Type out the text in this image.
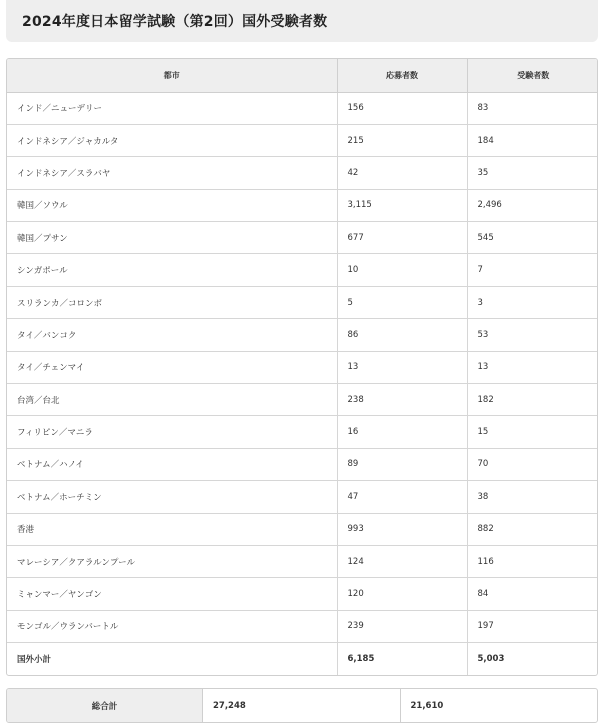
2024年度日本留学試験（第2回）国外受験者数
都市	応募者数	受験者数
インド／ニューデリー	156	83
インドネシア／ジャカルタ	215	184
インドネシア／スラバヤ	42	35
韓国／ソウル	3,115	2,496
韓国／プサン	677	545
シンガポール	10	7
スリランカ／コロンボ	5	3
タイ／バンコク	86	53
タイ／チェンマイ	13	13
台湾／台北	238	182
フィリピン／マニラ	16	15
ベトナム／ハノイ	89	70
ベトナム／ホーチミン	47	38
香港	993	882
マレーシア／クアラルンプール	124	116
ミャンマー／ヤンゴン	120	84
モンゴル／ウランバートル	239	197
国外小計	6,185	5,003
総合計	27,248	21,610
